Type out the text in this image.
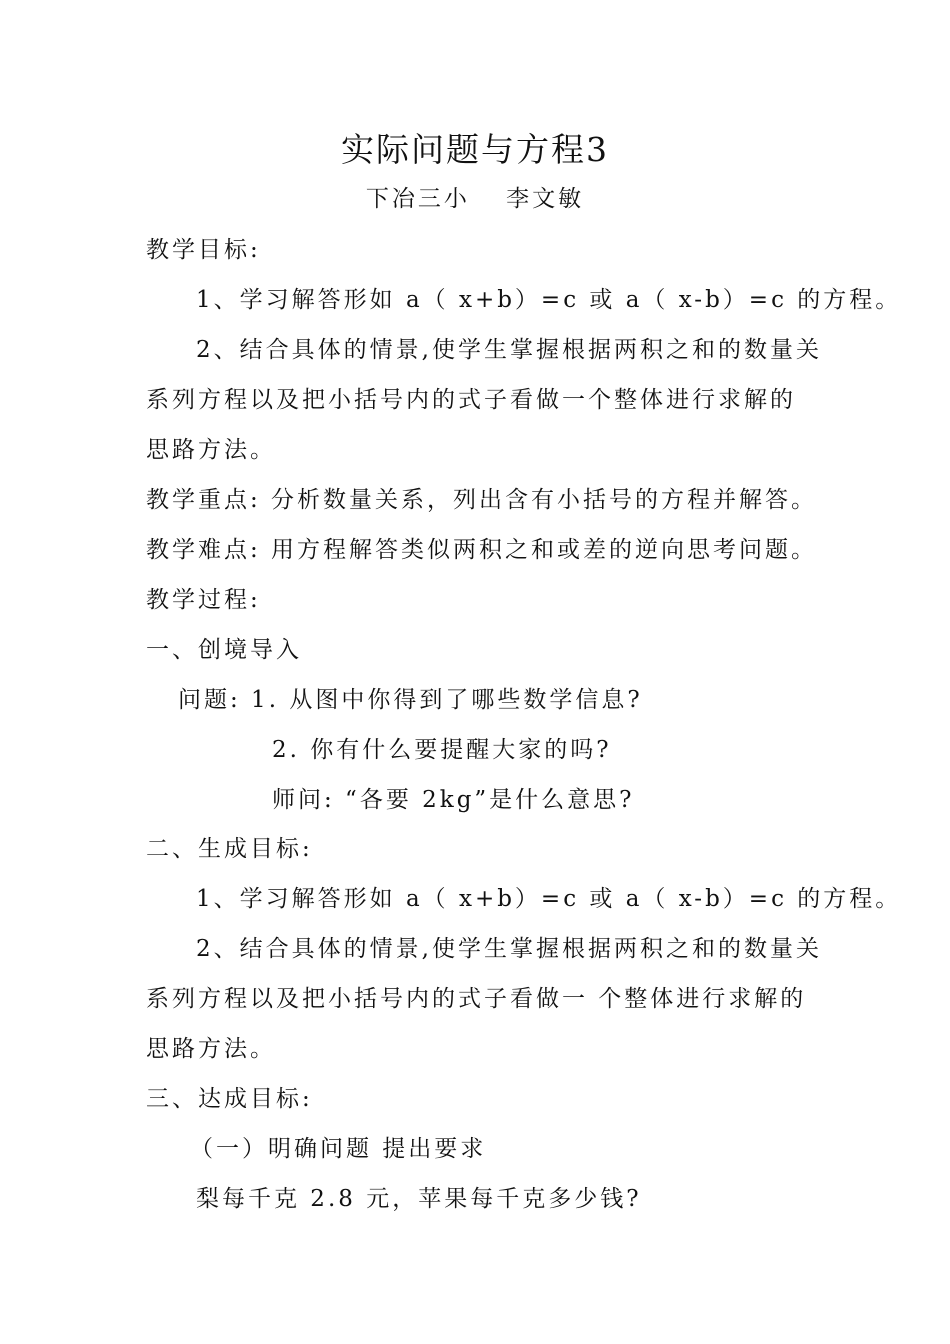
实际问题与方程3
下冶三小　 李文敏
教学目标:
1、学习解答形如 a（ x+b）=c 或 a（ x-b）=c 的方程。
2、结合具体的情景,使学生掌握根据两积之和的数量关
系列方程以及把小括号内的式子看做一个整体进行求解的
思路方法。
教学重点: 分析数量关系，列出含有小括号的方程并解答。
教学难点: 用方程解答类似两积之和或差的逆向思考问题。
教学过程:
一、创境导入
问题: 1. 从图中你得到了哪些数学信息?
2. 你有什么要提醒大家的吗?
师问: “各要 2kg”是什么意思?
二、生成目标:
1、学习解答形如 a（ x+b）=c 或 a（ x-b）=c 的方程。
2、结合具体的情景,使学生掌握根据两积之和的数量关
系列方程以及把小括号内的式子看做一 个整体进行求解的
思路方法。
三、达成目标:
（一）明确问题 提出要求
梨每千克 2.8 元，苹果每千克多少钱?
